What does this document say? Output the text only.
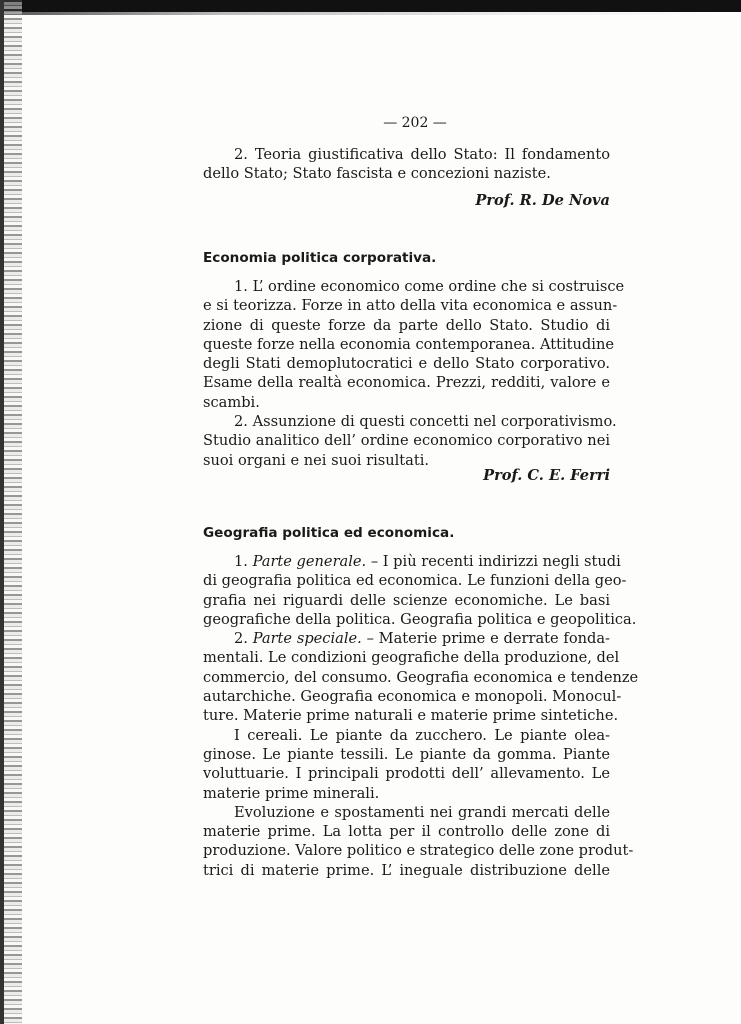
— 202 —
2. Teoria giustificativa dello Stato: Il fondamento
dello Stato; Stato fascista e concezioni naziste.
Prof. R. De Nova
Economia politica corporativa.
1. L’ ordine economico come ordine che si costruisce
e si teorizza. Forze in atto della vita economica e assun-
zione di queste forze da parte dello Stato. Studio di
queste forze nella economia contemporanea. Attitudine
degli Stati demoplutocratici e dello Stato corporativo.
Esame della realtà economica. Prezzi, redditi, valore e
scambi.
2. Assunzione di questi concetti nel corporativismo.
Studio analitico dell’ ordine economico corporativo nei
suoi organi e nei suoi risultati.
Prof. C. E. Ferri
Geografia politica ed economica.
1. Parte generale. – I più recenti indirizzi negli studi
di geografia politica ed economica. Le funzioni della geo-
grafia nei riguardi delle scienze economiche. Le basi
geografiche della politica. Geografia politica e geopolitica.
2. Parte speciale. – Materie prime e derrate fonda-
mentali. Le condizioni geografiche della produzione, del
commercio, del consumo. Geografia economica e tendenze
autarchiche. Geografia economica e monopoli. Monocul-
ture. Materie prime naturali e materie prime sintetiche.
I cereali. Le piante da zucchero. Le piante olea-
ginose. Le piante tessili. Le piante da gomma. Piante
voluttuarie. I principali prodotti dell’ allevamento. Le
materie prime minerali.
Evoluzione e spostamenti nei grandi mercati delle
materie prime. La lotta per il controllo delle zone di
produzione. Valore politico e strategico delle zone produt-
trici di materie prime. L’ ineguale distribuzione delle
